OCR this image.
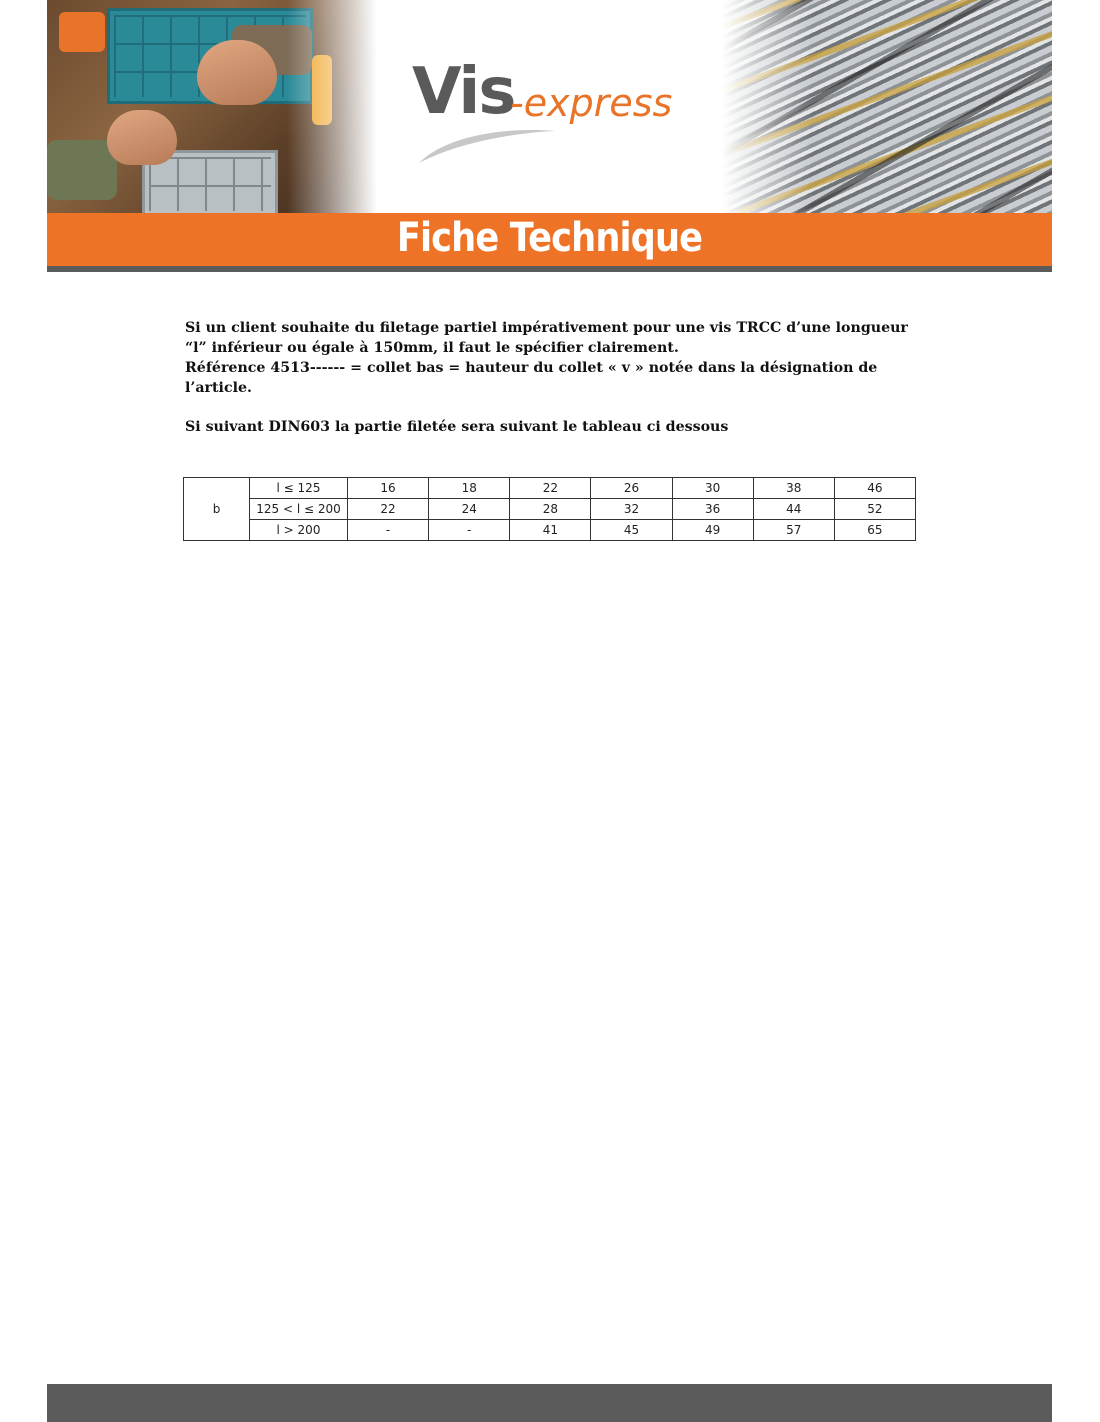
Vis
-express
Fiche Technique

Si un client souhaite du filetage partiel impérativement pour une vis TRCC d’une longueur “l” inférieur ou égale à 150mm, il faut le spécifier clairement.

Référence 4513------ = collet bas = hauteur du collet « v » notée dans la désignation de l’article.

Si suivant DIN603 la partie filetée sera suivant le tableau ci dessous

b	l ≤ 125	16	18	22	26	30	38	46
	125 < l ≤ 200	22	24	28	32	36	44	52
	l > 200	-	-	41	45	49	57	65
